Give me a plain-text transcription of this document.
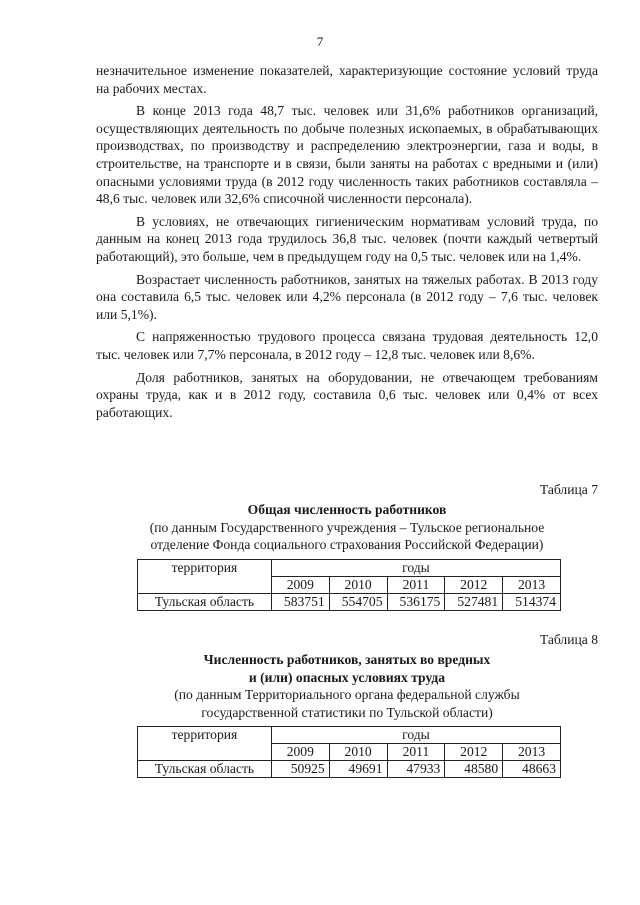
7

незначительное изменение показателей, характеризующие состояние условий труда на рабочих местах.

В конце 2013 года 48,7 тыс. человек или 31,6% работников организаций, осуществляющих деятельность по добыче полезных ископаемых, в обрабатывающих производствах, по производству и распределению электроэнергии, газа и воды, в строительстве, на транспорте и в связи, были заняты на работах с вредными и (или) опасными условиями труда (в 2012 году численность таких работников составляла – 48,6 тыс. человек или 32,6% списочной численности персонала).

В условиях, не отвечающих гигиеническим нормативам условий труда, по данным на конец 2013 года трудилось 36,8 тыс. человек (почти каждый четвертый работающий), это больше, чем в предыдущем году на 0,5 тыс. человек или на 1,4%.

Возрастает численность работников, занятых на тяжелых работах. В 2013 году она составила 6,5 тыс. человек или 4,2% персонала (в 2012 году – 7,6 тыс. человек или 5,1%).

С напряженностью трудового процесса связана трудовая деятельность 12,0 тыс. человек или 7,7% персонала, в 2012 году – 12,8 тыс. человек или 8,6%.

Доля работников, занятых на оборудовании, не отвечающем требованиям охраны труда, как и в 2012 году, составила 0,6 тыс. человек или 0,4% от всех работающих.

Таблица 7
Общая численность работников
(по данным Государственного учреждения – Тульское региональное
отделение Фонда социального страхования Российской Федерации)
территория	годы				
	2009	2010	2011	2012	2013
Тульская область	583751	554705	536175	527481	514374
Таблица 8
Численность работников, занятых во вредных
и (или) опасных условиях труда
(по данным Территориального органа федеральной службы
государственной статистики по Тульской области)
территория	годы				
	2009	2010	2011	2012	2013
Тульская область	50925	49691	47933	48580	48663
